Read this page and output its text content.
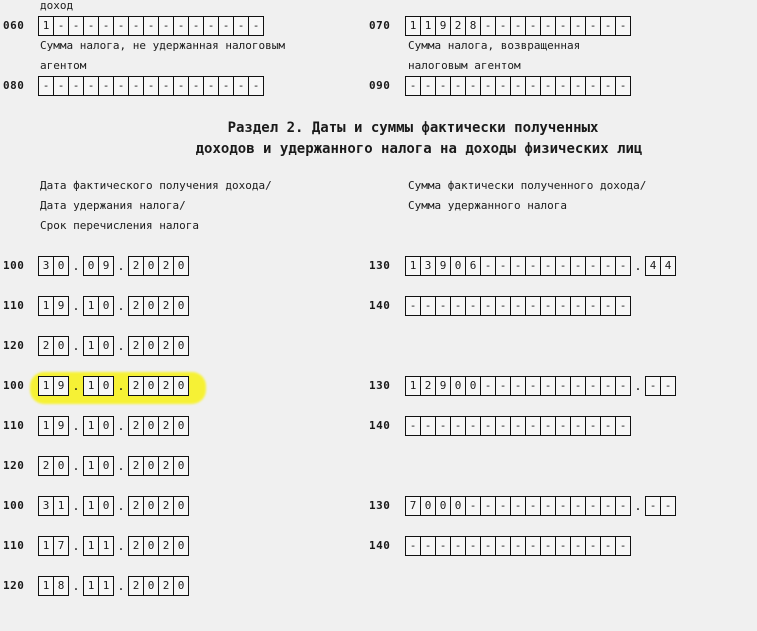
доход
060	1 - - - - - - - - - - - - - -	070	1 1 9 2 8 - - - - - - - - - -
Сумма налога, не удержанная налоговым
агентом
Сумма налога, возвращенная
налоговым агентом
080	- - - - - - - - - - - - - - -	090	- - - - - - - - - - - - - - -
Раздел 2. Даты и суммы фактически полученных
доходов и удержанного налога на доходы физических лиц
Дата фактического получения дохода/
Дата удержания налога/
Срок перечисления налога
Сумма фактически полученного дохода/
Сумма удержанного налога
100	3 0 . 0 9 . 2 0 2 0	130	1 3 9 0 6 - - - - - - - - - - . 4 4
110	1 9 . 1 0 . 2 0 2 0	140	- - - - - - - - - - - - - - -
120	2 0 . 1 0 . 2 0 2 0
100	1 9 . 1 0 . 2 0 2 0	130	1 2 9 0 0 - - - - - - - - - - . - -
110	1 9 . 1 0 . 2 0 2 0	140	- - - - - - - - - - - - - - -
120	2 0 . 1 0 . 2 0 2 0
100	3 1 . 1 0 . 2 0 2 0	130	7 0 0 0 - - - - - - - - - - - . - -
110	1 7 . 1 1 . 2 0 2 0	140	- - - - - - - - - - - - - - -
120	1 8 . 1 1 . 2 0 2 0
